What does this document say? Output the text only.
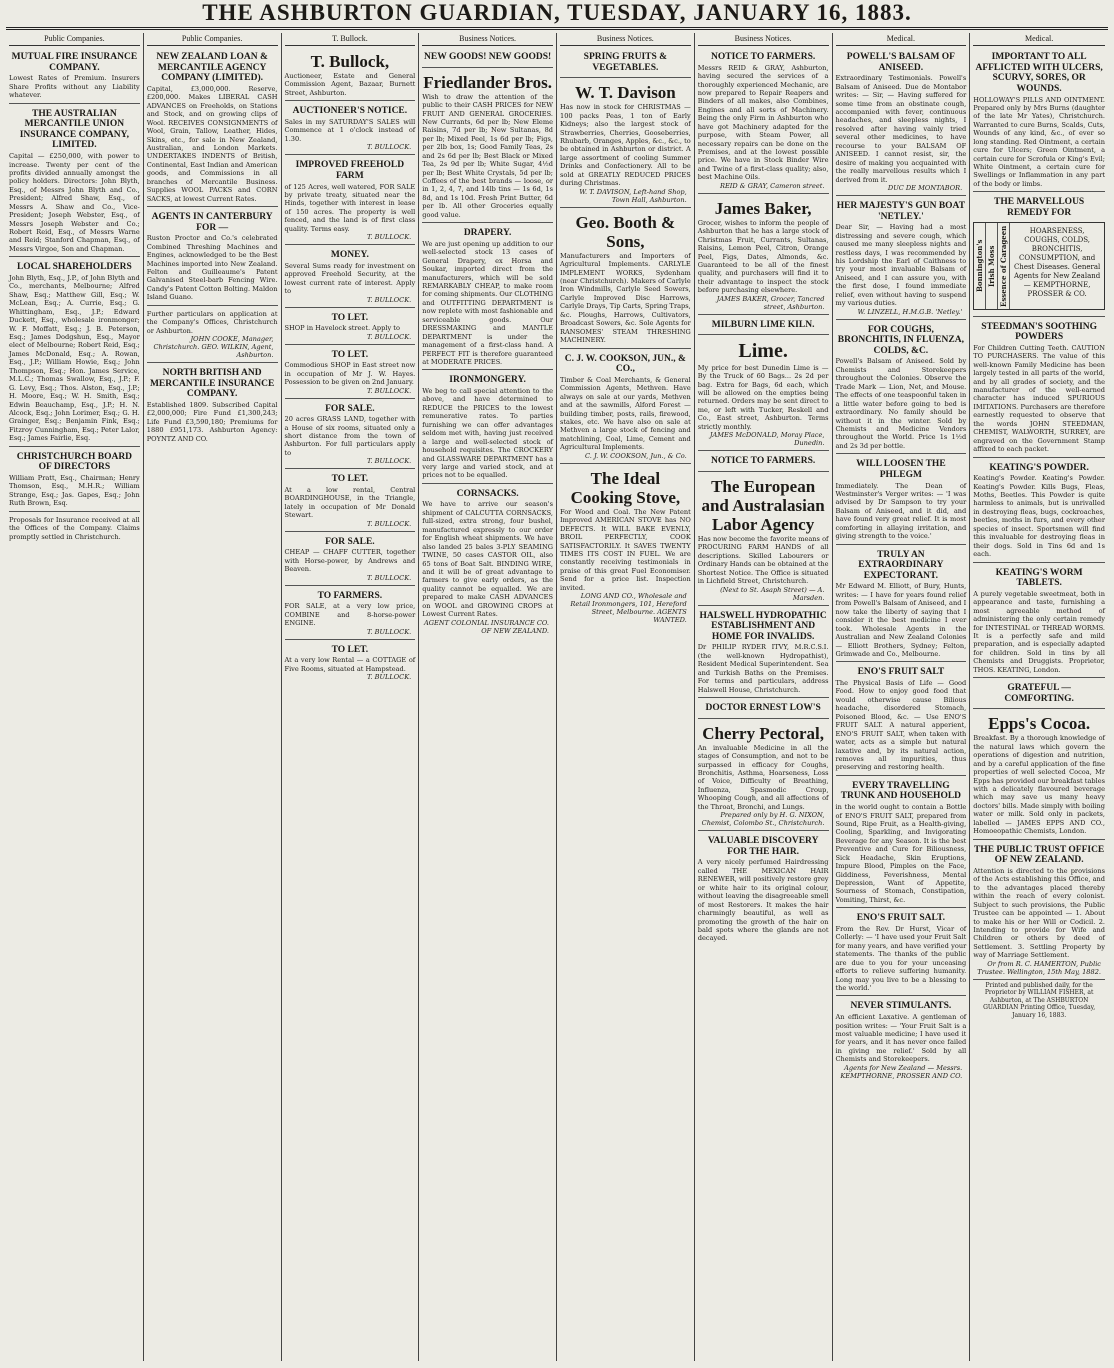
THE ASHBURTON GUARDIAN, TUESDAY, JANUARY 16, 1883.
Public Companies.
MUTUAL FIRE INSURANCE COMPANY.
Lowest Rates of Premium. Insurers Share Profits without any Liability whatever.
THE AUSTRALIAN MERCANTILE UNION INSURANCE COMPANY, LIMITED.
Capital — £250,000, with power to increase. Twenty per cent of the profits divided annually amongst the policy holders. Directors: John Blyth, Esq., of Messrs John Blyth and Co., President; Alfred Shaw, Esq., of Messrs A. Shaw and Co., Vice-President; Joseph Webster, Esq., of Messrs Joseph Webster and Co.; Robert Reid, Esq., of Messrs Warne and Reid; Stanford Chapman, Esq., of Messrs Virgoe, Son and Chapman.
LOCAL SHAREHOLDERS
John Blyth, Esq., J.P., of John Blyth and Co., merchants, Melbourne; Alfred Shaw, Esq.; Matthew Gill, Esq.; W. McLean, Esq.; A. Currie, Esq.; G. Whittingham, Esq., J.P.; Edward Duckett, Esq., wholesale ironmonger; W. F. Moffatt, Esq.; J. B. Peterson, Esq.; James Dodgshun, Esq., Mayor elect of Melbourne; Robert Reid, Esq.; James McDonald, Esq.; A. Rowan, Esq., J.P.; William Howie, Esq.; John Thompson, Esq.; Hon. James Service, M.L.C.; Thomas Swallow, Esq., J.P.; F. G. Levy, Esq.; Thos. Alston, Esq., J.P.; H. Moore, Esq.; W. H. Smith, Esq.; Edwin Beauchamp, Esq., J.P.; H. N. Alcock, Esq.; John Lorimer, Esq.; G. H. Grainger, Esq.; Benjamin Fink, Esq.; Fitzroy Cunningham, Esq.; Peter Lalor, Esq.; James Fairlie, Esq.
CHRISTCHURCH BOARD OF DIRECTORS
William Pratt, Esq., Chairman; Henry Thomson, Esq., M.H.R.; William Strange, Esq.; Jas. Gapes, Esq.; John Ruth Brown, Esq.
Proposals for Insurance received at all the Offices of the Company. Claims promptly settled in Christchurch.
Public Companies.
NEW ZEALAND LOAN & MERCANTILE AGENCY COMPANY (LIMITED).
Capital, £3,000,000. Reserve, £200,000. Makes LIBERAL CASH ADVANCES on Freeholds, on Stations and Stock, and on growing clips of Wool. RECEIVES CONSIGNMENTS of Wool, Grain, Tallow, Leather, Hides, Skins, etc., for sale in New Zealand, Australian, and London Markets. UNDERTAKES INDENTS of British, Continental, East Indian and American goods, and Commissions in all branches of Mercantile Business. Supplies WOOL PACKS and CORN SACKS, at lowest Current Rates.
AGENTS IN CANTERBURY FOR —
Ruston Proctor and Co.'s celebrated Combined Threshing Machines and Engines, acknowledged to be the Best Machines imported into New Zealand. Felton and Guilleaume's Patent Galvanised Steel-barb Fencing Wire. Candy's Patent Cotton Bolting. Maldon Island Guano.
Further particulars on application at the Company's Offices, Christchurch or Ashburton.
JOHN COOKE, Manager, Christchurch. GEO. WILKIN, Agent, Ashburton.
NORTH BRITISH AND MERCANTILE INSURANCE COMPANY.
Established 1809. Subscribed Capital £2,000,000; Fire Fund £1,300,243; Life Fund £3,590,180; Premiums for 1880 £951,173. Ashburton Agency: POYNTZ AND CO.
T. Bullock.
T. Bullock,
Auctioneer, Estate and General Commission Agent, Bazaar, Burnett Street, Ashburton.
AUCTIONEER'S NOTICE.
Sales in my SATURDAY'S SALES will Commence at 1 o'clock instead of 1.30.
T. BULLOCK.
IMPROVED FREEHOLD FARM
of 125 Acres, well watered, FOR SALE by private treaty, situated near the Hinds, together with interest in lease of 150 acres. The property is well fenced, and the land is of first class quality. Terms easy.
T. BULLOCK.
MONEY.
Several Sums ready for investment on approved Freehold Security, at the lowest current rate of interest. Apply to
T. BULLOCK.
TO LET.
SHOP in Havelock street. Apply to
T. BULLOCK.
TO LET.
Commodious SHOP in East street now in occupation of Mr J. W. Hayes. Possession to be given on 2nd January.
T. BULLOCK.
FOR SALE.
20 acres GRASS LAND, together with a House of six rooms, situated only a short distance from the town of Ashburton. For full particulars apply to
T. BULLOCK.
TO LET.
At a low rental, Central BOARDINGHOUSE, in the Triangle, lately in occupation of Mr Donald Stewart.
T. BULLOCK.
FOR SALE.
CHEAP — CHAFF CUTTER, together with Horse-power, by Andrews and Beaven.
T. BULLOCK.
TO FARMERS.
FOR SALE, at a very low price, COMBINE and 8-horse-power ENGINE.
T. BULLOCK.
TO LET.
At a very low Rental — a COTTAGE of Five Rooms, situated at Hampstead.
T. BULLOCK.
Business Notices.
NEW GOODS! NEW GOODS!
Friedlander Bros.
Wish to draw the attention of the public to their CASH PRICES for NEW FRUIT AND GENERAL GROCERIES. New Currants, 6d per lb; New Eleme Raisins, 7d per lb; New Sultanas, 8d per lb; Mixed Peel, 1s 6d per lb; Figs, per 2lb box, 1s; Good Family Teas, 2s and 2s 6d per lb; Best Black or Mixed Tea, 2s 9d per lb; White Sugar, 4½d per lb; Best White Crystals, 5d per lb; Coffees of the best brands — loose, or in 1, 2, 4, 7, and 14lb tins — 1s 6d, 1s 8d, and 1s 10d. Fresh Print Butter, 6d per lb. All other Groceries equally good value.
DRAPERY.
We are just opening up addition to our well-selected stock 13 cases of General Drapery, ex Horsa and Soukar, imported direct from the manufacturers, which will be sold REMARKABLY CHEAP, to make room for coming shipments. Our CLOTHING and OUTFITTING DEPARTMENT is now replete with most fashionable and serviceable goods. Our DRESSMAKING and MANTLE DEPARTMENT is under the management of a first-class hand. A PERFECT FIT is therefore guaranteed at MODERATE PRICES.
IRONMONGERY.
We beg to call special attention to the above, and have determined to REDUCE the PRICES to the lowest remunerative rates. To parties furnishing we can offer advantages seldom met with, having just received a large and well-selected stock of household requisites. The CROCKERY and GLASSWARE DEPARTMENT has a very large and varied stock, and at prices not to be equalled.
CORNSACKS.
We have to arrive our season's shipment of CALCUTTA CORNSACKS, full-sized, extra strong, four bushel, manufactured expressly to our order for English wheat shipments. We have also landed 25 bales 3-PLY SEAMING TWINE, 50 cases CASTOR OIL, also 65 tons of Boat Salt. BINDING WIRE, and it will be of great advantage to farmers to give early orders, as the quality cannot be equalled. We are prepared to make CASH ADVANCES on WOOL and GROWING CROPS at Lowest Current Rates.
AGENT COLONIAL INSURANCE CO. OF NEW ZEALAND.
Business Notices.
SPRING FRUITS & VEGETABLES.
W. T. Davison
Has now in stock for CHRISTMAS — 100 packs Peas, 1 ton of Early Kidneys; also the largest stock of Strawberries, Cherries, Gooseberries, Rhubarb, Oranges, Apples, &c., &c., to be obtained in Ashburton or district. A large assortment of cooling Summer Drinks and Confectionery. All to be sold at GREATLY REDUCED PRICES during Christmas.
W. T. DAVISON, Left-hand Shop, Town Hall, Ashburton.
Geo. Booth & Sons,
Manufacturers and Importers of Agricultural Implements. CARLYLE IMPLEMENT WORKS, Sydenham (near Christchurch). Makers of Carlyle Iron Windmills, Carlyle Seed Sowers, Carlyle Improved Disc Harrows, Carlyle Drays, Tip Carts, Spring Traps, &c. Ploughs, Harrows, Cultivators, Broadcast Sowers, &c. Sole Agents for RANSOMES' STEAM THRESHING MACHINERY.
C. J. W. COOKSON, JUN., & CO.,
Timber & Coal Merchants, & General Commission Agents, Methven. Have always on sale at our yards, Methven and at the sawmills, Alford Forest — building timber, posts, rails, firewood, stakes, etc. We have also on sale at Methven a large stock of fencing and matchlining, Coal, Lime, Cement and Agricultural Implements.
C. J. W. COOKSON, Jun., & Co.
The Ideal Cooking Stove,
For Wood and Coal. The New Patent Improved AMERICAN STOVE has NO DEFECTS. It WILL BAKE EVENLY, BROIL PERFECTLY, COOK SATISFACTORILY. It SAVES TWENTY TIMES ITS COST IN FUEL. We are constantly receiving testimonials in praise of this great Fuel Economiser. Send for a price list. Inspection invited.
LONG AND CO., Wholesale and Retail Ironmongers, 101, Hereford Street, Melbourne. AGENTS WANTED.
Business Notices.
NOTICE TO FARMERS.
Messrs REID & GRAY, Ashburton, having secured the services of a thoroughly experienced Mechanic, are now prepared to Repair Reapers and Binders of all makes, also Combines, Engines and all sorts of Machinery. Being the only Firm in Ashburton who have got Machinery adapted for the purpose, with Steam Power, all necessary repairs can be done on the Premises, and at the lowest possible price. We have in Stock Binder Wire and Twine of a first-class quality; also, best Machine Oils.
REID & GRAY, Cameron street.
James Baker,
Grocer, wishes to inform the people of Ashburton that he has a large stock of Christmas Fruit, Currants, Sultanas, Raisins, Lemon Peel, Citron, Orange Peel, Figs, Dates, Almonds, &c. Guaranteed to be all of the finest quality, and purchasers will find it to their advantage to inspect the stock before purchasing elsewhere.
JAMES BAKER, Grocer, Tancred street, Ashburton.
MILBURN LIME KILN.
Lime.
My price for best Dunedin Lime is — By the Truck of 60 Bags... 2s 2d per bag. Extra for Bags, 6d each, which will be allowed on the empties being returned. Orders may be sent direct to me, or left with Tucker, Reskell and Co., East street, Ashburton. Terms strictly monthly.
JAMES McDONALD, Moray Place, Dunedin.
NOTICE TO FARMERS.
The European and Australasian Labor Agency
Has now become the favorite means of PROCURING FARM HANDS of all descriptions. Skilled Labourers or Ordinary Hands can be obtained at the Shortest Notice. The Office is situated in Lichfield Street, Christchurch.
(Next to St. Asaph Street) — A. Marsden.
HALSWELL HYDROPATHIC ESTABLISHMENT AND HOME FOR INVALIDS.
Dr PHILIP RYDER ITVY, M.R.C.S.I. (the well-known Hydropathist), Resident Medical Superintendent. Sea and Turkish Baths on the Premises. For terms and particulars, address Halswell House, Christchurch.
DOCTOR ERNEST LOW'S
Cherry Pectoral,
An invaluable Medicine in all the stages of Consumption, and not to be surpassed in efficacy for Coughs, Bronchitis, Asthma, Hoarseness, Loss of Voice, Difficulty of Breathing, Influenza, Spasmodic Croup, Whooping Cough, and all affections of the Throat, Bronchi, and Lungs.
Prepared only by H. G. NIXON, Chemist, Colombo St., Christchurch.
VALUABLE DISCOVERY FOR THE HAIR.
A very nicely perfumed Hairdressing called THE MEXICAN HAIR RENEWER, will positively restore grey or white hair to its original colour, without leaving the disagreeable smell of most Restorers. It makes the hair charmingly beautiful, as well as promoting the growth of the hair on bald spots where the glands are not decayed.
Medical.
POWELL'S BALSAM OF ANISEED.
Extraordinary Testimonials. Powell's Balsam of Aniseed. Due de Montabor writes: — Sir, — Having suffered for some time from an obstinate cough, accompanied with fever, continuous headaches, and sleepless nights, I resolved after having vainly tried several other medicines, to have recourse to your BALSAM OF ANISEED. I cannot resist, sir, the desire of making you acquainted with the really marvellous results which I derived from it.
DUC DE MONTABOR.
HER MAJESTY'S GUN BOAT 'NETLEY.'
Dear Sir, — Having had a most distressing and severe cough, which caused me many sleepless nights and restless days, I was recommended by his Lordship the Earl of Caithness to try your most invaluable Balsam of Aniseed, and I can assure you, with the first dose, I found immediate relief, even without having to suspend my various duties.
W. LINZELL, H.M.G.B. 'Netley.'
FOR COUGHS, BRONCHITIS, IN FLUENZA, COLDS, &C.
Powell's Balsam of Aniseed. Sold by Chemists and Storekeepers throughout the Colonies. Observe the Trade Mark — Lion, Net, and Mouse. The effects of one teaspoonful taken in a little water before going to bed is extraordinary. No family should be without it in the winter. Sold by Chemists and Medicine Vendors throughout the World. Price 1s 1½d and 2s 3d per bottle.
WILL LOOSEN THE PHLEGM
Immediately. The Dean of Westminster's Verger writes: — 'I was advised by Dr Sampson to try your Balsam of Aniseed, and it did, and have found very great relief. It is most comforting in allaying irritation, and giving strength to the voice.'
TRULY AN EXTRAORDINARY EXPECTORANT.
Mr Edward M. Elliott, of Bury, Hunts, writes: — I have for years found relief from Powell's Balsam of Aniseed, and I now take the liberty of saying that I consider it the best medicine I ever took. Wholesale Agents in the Australian and New Zealand Colonies — Elliott Brothers, Sydney; Felton, Grimwade and Co., Melbourne.
ENO'S FRUIT SALT
The Physical Basis of Life — Good Food. How to enjoy good food that would otherwise cause Bilious headache, disordered Stomach, Poisoned Blood, &c. — Use ENO'S FRUIT SALT. A natural apperient, ENO'S FRUIT SALT, when taken with water, acts as a simple but natural laxative and, by its natural action, removes all impurities, thus preserving and restoring health.
EVERY TRAVELLING TRUNK AND HOUSEHOLD
in the world ought to contain a Bottle of ENO'S FRUIT SALT, prepared from Sound, Ripe Fruit, as a Health-giving, Cooling, Sparkling, and Invigorating Beverage for any Season. It is the best Preventive and Cure for Biliousness, Sick Headache, Skin Eruptions, Impure Blood, Pimples on the Face, Giddiness, Feverishness, Mental Depression, Want of Appetite, Sourness of Stomach, Constipation, Vomiting, Thirst, &c.
ENO'S FRUIT SALT.
From the Rev. Dr Hurst, Vicar of Collerly: — 'I have used your Fruit Salt for many years, and have verified your statements. The thanks of the public are due to you for your unceasing efforts to relieve suffering humanity. Long may you live to be a blessing to the world.'
NEVER STIMULANTS.
An efficient Laxative. A gentleman of position writes: — 'Your Fruit Salt is a most valuable medicine; I have used it for years, and it has never once failed in giving me relief.' Sold by all Chemists and Storekeepers.
Agents for New Zealand — Messrs. KEMPTHORNE, PROSSER AND CO.
Medical.
IMPORTANT TO ALL AFFLICTED WITH ULCERS, SCURVY, SORES, OR WOUNDS.
HOLLOWAY'S PILLS AND OINTMENT. Prepared only by Mrs Burns (daughter of the late Mr Yates), Christchurch. Warranted to cure Burns, Scalds, Cuts, Wounds of any kind, &c., of ever so long standing. Red Ointment, a certain cure for Ulcers; Green Ointment, a certain cure for Scrofula or King's Evil; White Ointment, a certain cure for Swellings or Inflammation in any part of the body or limbs.
THE MARVELLOUS REMEDY FOR
Bonnington's Irish Moss Essence of Carageen	HOARSENESS, COUGHS, COLDS, BRONCHITIS, CONSUMPTION, and Chest Diseases. General Agents for New Zealand — KEMPTHORNE, PROSSER & CO.
STEEDMAN'S SOOTHING POWDERS
For Children Cutting Teeth. CAUTION TO PURCHASERS. The value of this well-known Family Medicine has been largely tested in all parts of the world, and by all grades of society, and the manufacturer of the well-earned character has induced SPURIOUS IMITATIONS. Purchasers are therefore earnestly requested to observe that the words JOHN STEEDMAN, CHEMIST, WALWORTH, SURREY, are engraved on the Government Stamp affixed to each packet.
KEATING'S POWDER.
Keating's Powder. Keating's Powder. Keating's Powder. Kills Bugs, Fleas, Moths, Beetles. This Powder is quite harmless to animals, but is unrivalled in destroying fleas, bugs, cockroaches, beetles, moths in furs, and every other species of insect. Sportsmen will find this invaluable for destroying fleas in their dogs. Sold in Tins 6d and 1s each.
KEATING'S WORM TABLETS.
A purely vegetable sweetmeat, both in appearance and taste, furnishing a most agreeable method of administering the only certain remedy for INTESTINAL or THREAD WORMS. It is a perfectly safe and mild preparation, and is especially adapted for children. Sold in tins by all Chemists and Druggists. Proprietor, THOS. KEATING, London.
GRATEFUL — COMFORTING.
Epps's Cocoa.
Breakfast. By a thorough knowledge of the natural laws which govern the operations of digestion and nutrition, and by a careful application of the fine properties of well selected Cocoa, Mr Epps has provided our breakfast tables with a delicately flavoured beverage which may save us many heavy doctors' bills. Made simply with boiling water or milk. Sold only in packets, labelled — JAMES EPPS AND CO., Homoeopathic Chemists, London.
THE PUBLIC TRUST OFFICE OF NEW ZEALAND.
Attention is directed to the provisions of the Acts establishing this Office, and to the advantages placed thereby within the reach of every colonist. Subject to such provisions, the Public Trustee can be appointed — 1. About to make his or her Will or Codicil. 2. Intending to provide for Wife and Children or others by deed of Settlement. 3. Settling Property by way of Marriage Settlement.
Or from R. C. HAMERTON, Public Trustee. Wellington, 15th May, 1882.
Printed and published daily, for the Proprietor by WILLIAM FISHER, at Ashburton, at The ASHBURTON GUARDIAN Printing Office, Tuesday, January 16, 1883.
